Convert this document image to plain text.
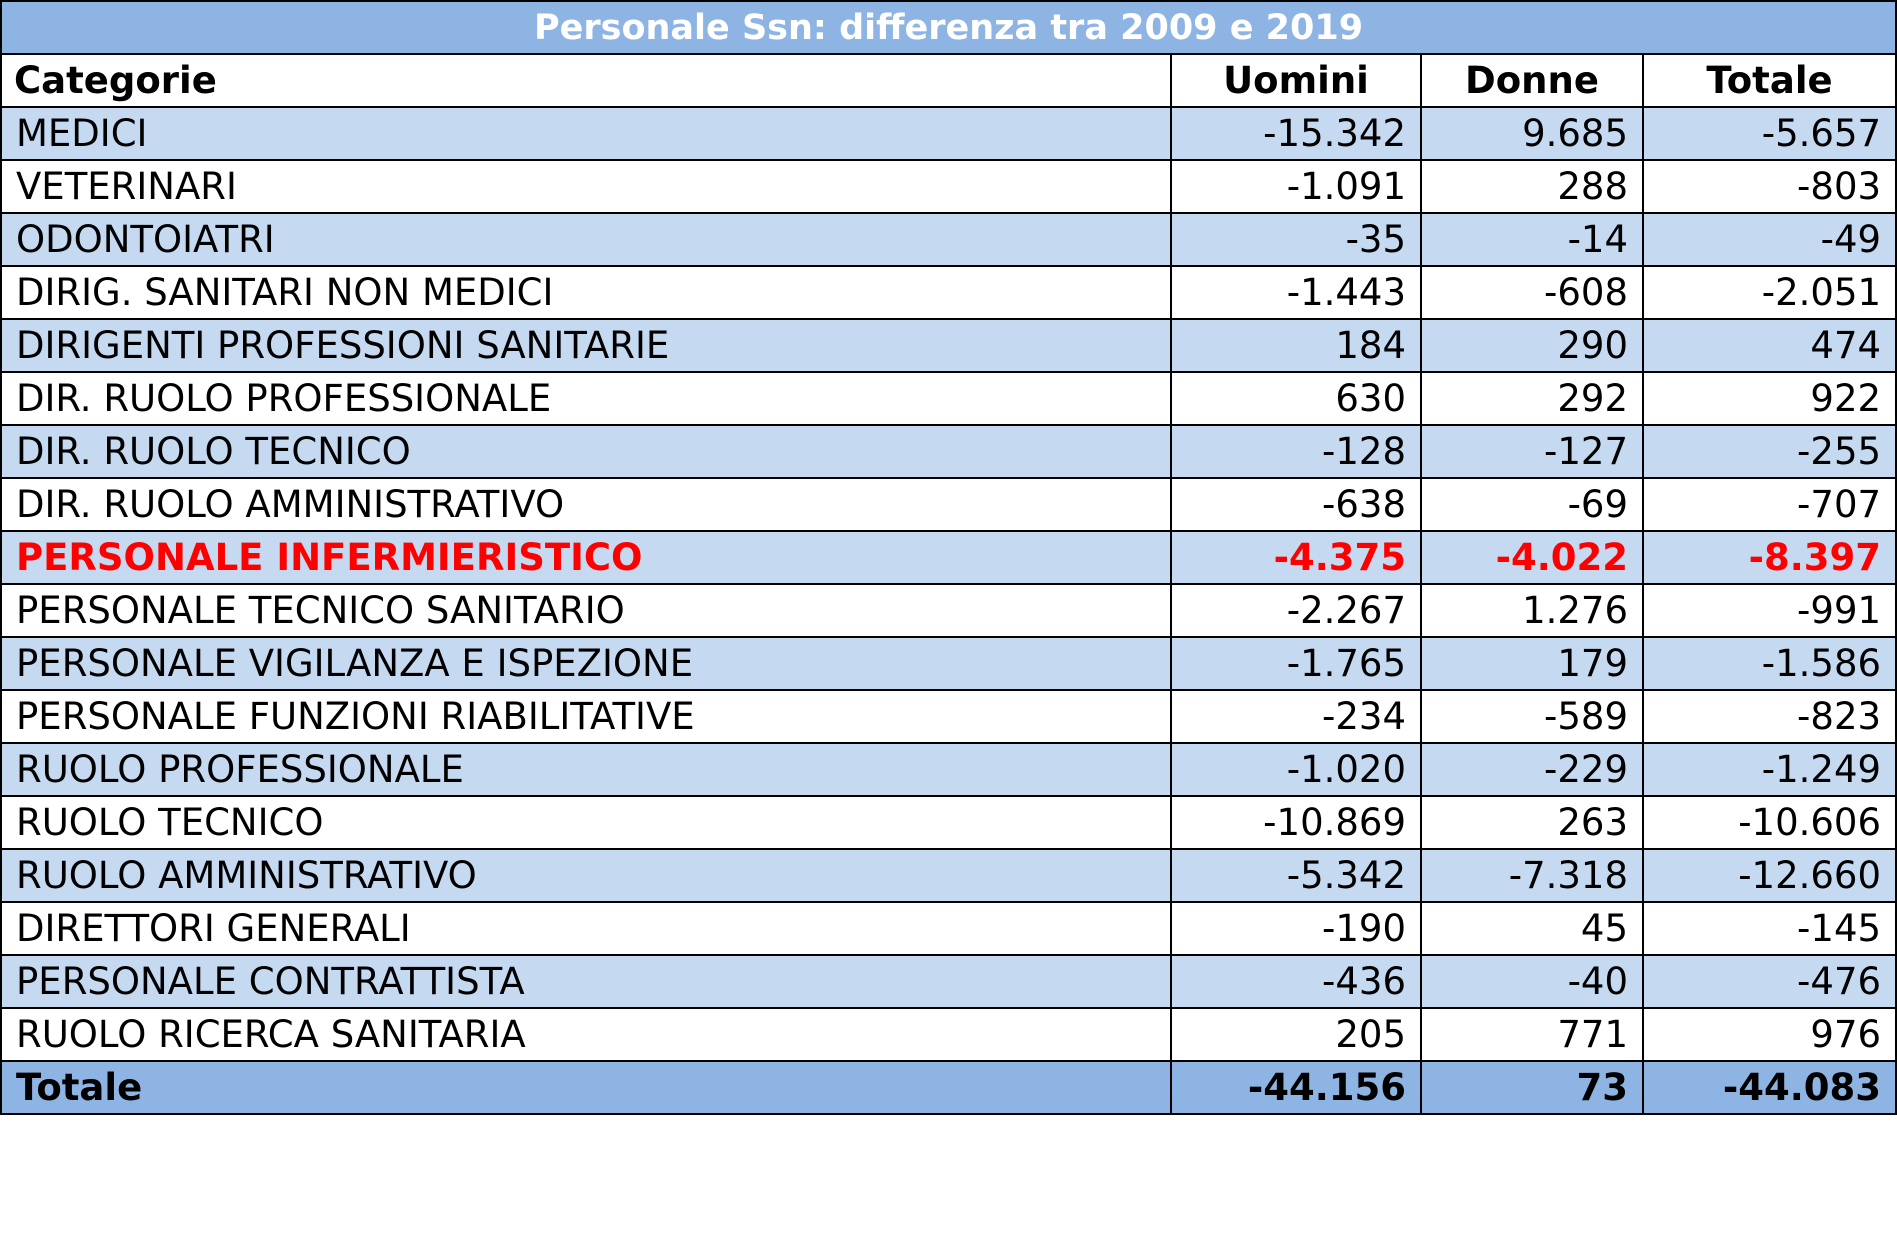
Personale Ssn: differenza tra 2009 e 2019			
Categorie	Uomini	Donne	Totale
MEDICI	-15.342	9.685	-5.657
VETERINARI	-1.091	288	-803
ODONTOIATRI	-35	-14	-49
DIRIG. SANITARI NON MEDICI	-1.443	-608	-2.051
DIRIGENTI PROFESSIONI SANITARIE	184	290	474
DIR. RUOLO PROFESSIONALE	630	292	922
DIR. RUOLO TECNICO	-128	-127	-255
DIR. RUOLO AMMINISTRATIVO	-638	-69	-707
PERSONALE INFERMIERISTICO	-4.375	-4.022	-8.397
PERSONALE TECNICO SANITARIO	-2.267	1.276	-991
PERSONALE VIGILANZA E ISPEZIONE	-1.765	179	-1.586
PERSONALE FUNZIONI RIABILITATIVE	-234	-589	-823
RUOLO PROFESSIONALE	-1.020	-229	-1.249
RUOLO TECNICO	-10.869	263	-10.606
RUOLO AMMINISTRATIVO	-5.342	-7.318	-12.660
DIRETTORI GENERALI	-190	45	-145
PERSONALE CONTRATTISTA	-436	-40	-476
RUOLO RICERCA SANITARIA	205	771	976
Totale	-44.156	73	-44.083
